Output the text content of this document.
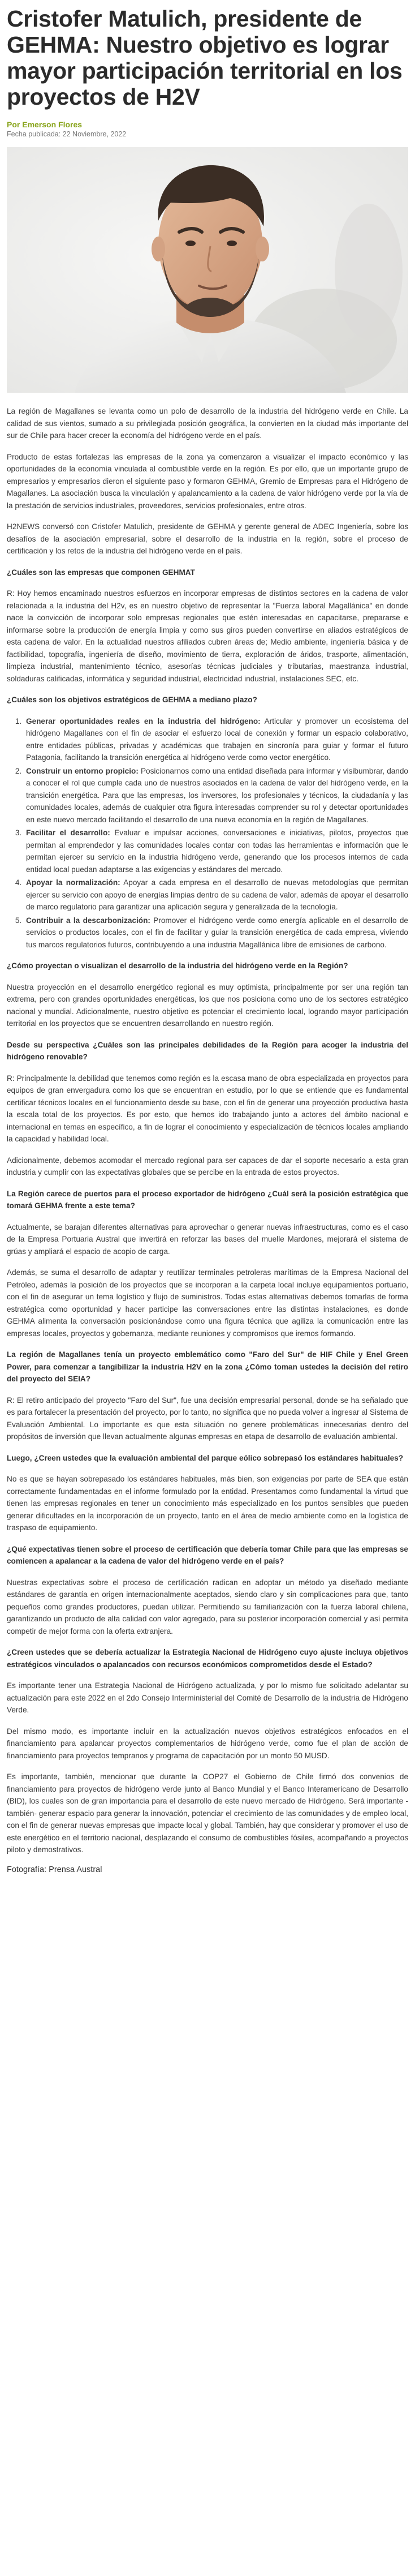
Cristofer Matulich, presidente de GEHMA: Nuestro objetivo es lograr mayor participación territorial en los proyectos de H2V
Por Emerson Flores
Fecha publicada: 22 Noviembre, 2022

La región de Magallanes se levanta como un polo de desarrollo de la industria del hidrógeno verde en Chile. La calidad de sus vientos, sumado a su privilegiada posición geográfica, la convierten en la ciudad más importante del sur de Chile para hacer crecer la economía del hidrógeno verde en el país.

Producto de estas fortalezas las empresas de la zona ya comenzaron a visualizar el impacto económico y las oportunidades de la economía vinculada al combustible verde en la región. Es por ello, que un importante grupo de empresarios y empresarios dieron el siguiente paso y formaron GEHMA, Gremio de Empresas para el Hidrógeno de Magallanes. La asociación busca la vinculación y apalancamiento a la cadena de valor hidrógeno verde por la vía de la prestación de servicios industriales, proveedores, servicios profesionales, entre otros.

H2NEWS conversó con Cristofer Matulich, presidente de GEHMA y gerente general de ADEC Ingeniería, sobre los desafíos de la asociación empresarial, sobre el desarrollo de la industria en la región, sobre el proceso de certificación y los retos de la industria del hidrógeno verde en el país.

¿Cuáles son las empresas que componen GEHMAT

R: Hoy hemos encaminado nuestros esfuerzos en incorporar empresas de distintos sectores en la cadena de valor relacionada a la industria del H2v, es en nuestro objetivo de representar la "Fuerza laboral Magallánica" en donde nace la convicción de incorporar solo empresas regionales que estén interesadas en capacitarse, prepararse e informarse sobre la producción de energía limpia y como sus giros pueden convertirse en aliados estratégicos de esta cadena de valor. En la actualidad nuestros afiliados cubren áreas de; Medio ambiente, ingeniería básica y de factibilidad, topografía, ingeniería de diseño, movimiento de tierra, exploración de áridos, trasporte, alimentación, limpieza industrial, mantenimiento técnico, asesorías técnicas judiciales y tributarias, maestranza industrial, soldaduras calificadas, informática y seguridad industrial, electricidad industrial, instalaciones SEC, etc.

¿Cuáles son los objetivos estratégicos de GEHMA a mediano plazo?

1. Generar oportunidades reales en la industria del hidrógeno: Articular y promover un ecosistema del hidrógeno Magallanes con el fin de asociar el esfuerzo local de conexión y formar un espacio colaborativo, entre entidades públicas, privadas y académicas que trabajen en sincronía para guiar y formar el futuro Patagonia, facilitando la transición energética al hidrógeno verde como vector energético.
2. Construir un entorno propicio: Posicionarnos como una entidad diseñada para informar y visibumbrar, dando a conocer el rol que cumple cada uno de nuestros asociados en la cadena de valor del hidrógeno verde, en la transición energética. Para que las empresas, los inversores, los profesionales y técnicos, la ciudadanía y las comunidades locales, además de cualquier otra figura interesadas comprender su rol y detectar oportunidades en este nuevo mercado facilitando el desarrollo de una nueva economía en la región de Magallanes.
3. Facilitar el desarrollo: Evaluar e impulsar acciones, conversaciones e iniciativas, pilotos, proyectos que permitan al emprendedor y las comunidades locales contar con todas las herramientas e información que le permitan ejercer su servicio en la industria hidrógeno verde, generando que los procesos internos de cada entidad local puedan adaptarse a las exigencias y estándares del mercado.
4. Apoyar la normalización: Apoyar a cada empresa en el desarrollo de nuevas metodologías que permitan ejercer su servicio con apoyo de energías limpias dentro de su cadena de valor, además de apoyar el desarrollo de marco regulatorio para garantizar una aplicación segura y generalizada de la tecnología.
5. Contribuir a la descarbonización: Promover el hidrógeno verde como energía aplicable en el desarrollo de servicios o productos locales, con el fin de facilitar y guiar la transición energética de cada empresa, viviendo tus marcos regulatorios futuros, contribuyendo a una industria Magallánica libre de emisiones de carbono.

¿Cómo proyectan o visualizan el desarrollo de la industria del hidrógeno verde en la Región?

Nuestra proyección en el desarrollo energético regional es muy optimista, principalmente por ser una región tan extrema, pero con grandes oportunidades energéticas, los que nos posiciona como uno de los sectores estratégico nacional y mundial. Adicionalmente, nuestro objetivo es potenciar el crecimiento local, logrando mayor participación territorial en los proyectos que se encuentren desarrollando en nuestro región.

Desde su perspectiva ¿Cuáles son las principales debilidades de la Región para acoger la industria del hidrógeno renovable?

R: Principalmente la debilidad que tenemos como región es la escasa mano de obra especializada en proyectos para equipos de gran envergadura como los que se encuentran en estudio, por lo que se entiende que es fundamental certificar técnicos locales en el funcionamiento desde su base, con el fin de generar una proyección productiva hasta la escala total de los proyectos. Es por esto, que hemos ido trabajando junto a actores del ámbito nacional e internacional en temas en específico, a fin de lograr el conocimiento y especialización de técnicos locales ampliando la capacidad y habilidad local.

Adicionalmente, debemos acomodar el mercado regional para ser capaces de dar el soporte necesario a esta gran industria y cumplir con las expectativas globales que se percibe en la entrada de estos proyectos.

La Región carece de puertos para el proceso exportador de hidrógeno ¿Cuál será la posición estratégica que tomará GEHMA frente a este tema?

Actualmente, se barajan diferentes alternativas para aprovechar o generar nuevas infraestructuras, como es el caso de la Empresa Portuaria Austral que invertirá en reforzar las bases del muelle Mardones, mejorará el sistema de grúas y ampliará el espacio de acopio de carga.

Además, se suma el desarrollo de adaptar y reutilizar terminales petroleras marítimas de la Empresa Nacional del Petróleo, además la posición de los proyectos que se incorporan a la carpeta local incluye equipamientos portuario, con el fin de asegurar un tema logístico y flujo de suministros. Todas estas alternativas debemos tomarlas de forma estratégica como oportunidad y hacer participe las conversaciones entre las distintas instalaciones, es donde GEHMA alimenta la conversación posicionándose como una figura técnica que agiliza la comunicación entre las empresas locales, proyectos y gobernanza, mediante reuniones y compromisos que iremos formando.

La región de Magallanes tenía un proyecto emblemático como "Faro del Sur" de HIF Chile y Enel Green Power, para comenzar a tangibilizar la industria H2V en la zona ¿Cómo toman ustedes la decisión del retiro del proyecto del SEIA?

R: El retiro anticipado del proyecto "Faro del Sur", fue una decisión empresarial personal, donde se ha señalado que es para fortalecer la presentación del proyecto, por lo tanto, no significa que no pueda volver a ingresar al Sistema de Evaluación Ambiental. Lo importante es que esta situación no genere problemáticas innecesarias dentro del propósitos de inversión que llevan actualmente algunas empresas en etapa de desarrollo de evaluación ambiental.

Luego, ¿Creen ustedes que la evaluación ambiental del parque eólico sobrepasó los estándares habituales?

No es que se hayan sobrepasado los estándares habituales, más bien, son exigencias por parte de SEA que están correctamente fundamentadas en el informe formulado por la entidad. Presentamos como fundamental la virtud que tienen las empresas regionales en tener un conocimiento más especializado en los puntos sensibles que pueden generar dificultades en la incorporación de un proyecto, tanto en el área de medio ambiente como en la logística de traspaso de equipamiento.

¿Qué expectativas tienen sobre el proceso de certificación que debería tomar Chile para que las empresas se comiencen a apalancar a la cadena de valor del hidrógeno verde en el país?

Nuestras expectativas sobre el proceso de certificación radican en adoptar un método ya diseñado mediante estándares de garantía en origen internacionalmente aceptados, siendo claro y sin complicaciones para que, tanto pequeños como grandes productores, puedan utilizar. Permitiendo su familiarización con la fuerza laboral chilena, garantizando un producto de alta calidad con valor agregado, para su posterior incorporación comercial y así permita competir de mejor forma con la oferta extranjera.

¿Creen ustedes que se debería actualizar la Estrategia Nacional de Hidrógeno cuyo ajuste incluya objetivos estratégicos vinculados o apalancados con recursos económicos comprometidos desde el Estado?

Es importante tener una Estrategia Nacional de Hidrógeno actualizada, y por lo mismo fue solicitado adelantar su actualización para este 2022 en el 2do Consejo Interministerial del Comité de Desarrollo de la industria de Hidrógeno Verde.

Del mismo modo, es importante incluir en la actualización nuevos objetivos estratégicos enfocados en el financiamiento para apalancar proyectos complementarios de hidrógeno verde, como fue el plan de acción de financiamiento para proyectos tempranos y programa de capacitación por un monto 50 MUSD.

Es importante, también, mencionar que durante la COP27 el Gobierno de Chile firmó dos convenios de financiamiento para proyectos de hidrógeno verde junto al Banco Mundial y el Banco Interamericano de Desarrollo (BID), los cuales son de gran importancia para el desarrollo de este nuevo mercado de Hidrógeno. Será importante -también- generar espacio para generar la innovación, potenciar el crecimiento de las comunidades y de empleo local, con el fin de generar nuevas empresas que impacte local y global. También, hay que considerar y promover el uso de este energético en el territorio nacional, desplazando el consumo de combustibles fósiles, acompañando a proyectos piloto y demostrativos.

Fotografía: Prensa Austral
